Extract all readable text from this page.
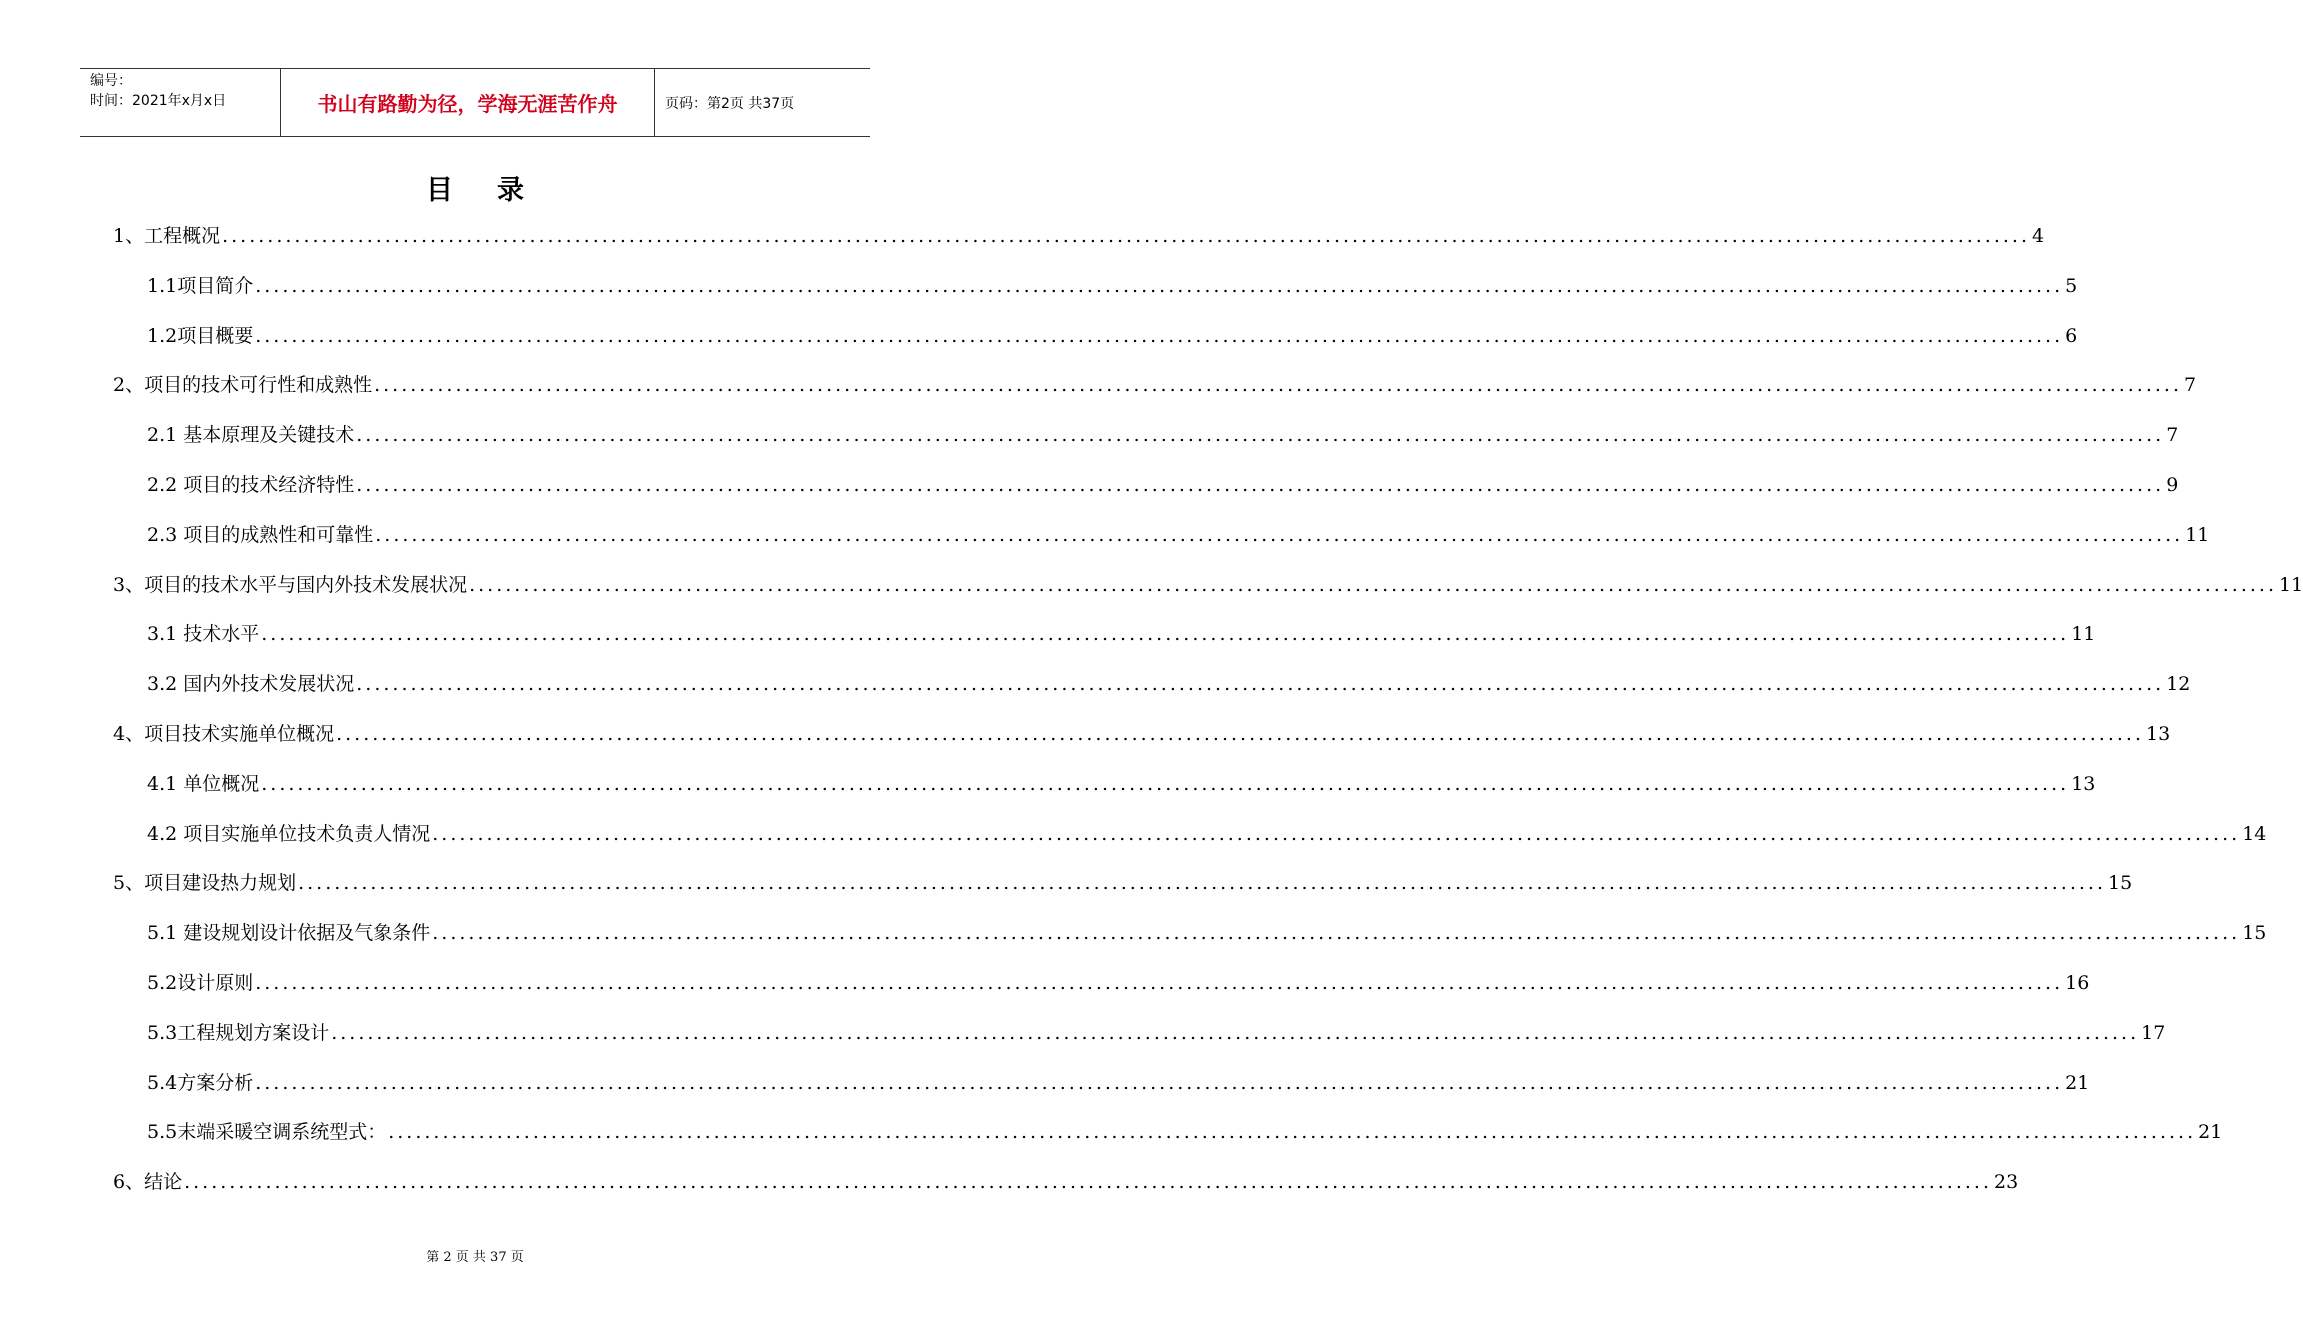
编号：
时间：2021年x月x日	书山有路勤为径，学海无涯苦作舟	页码：第2页 共37页
目录
1、工程概况 ........................................................................................................................................................................................................ 4
1.1项目简介 ........................................................................................................................................................................................................ 5
1.2项目概要 ........................................................................................................................................................................................................ 6
2、项目的技术可行性和成熟性 ........................................................................................................................................................................................................ 7
2.1 基本原理及关键技术 ........................................................................................................................................................................................................ 7
2.2 项目的技术经济特性 ........................................................................................................................................................................................................ 9
2.3 项目的成熟性和可靠性 ........................................................................................................................................................................................................ 11
3、项目的技术水平与国内外技术发展状况 ........................................................................................................................................................................................................ 11
3.1 技术水平 ........................................................................................................................................................................................................ 11
3.2 国内外技术发展状况 ........................................................................................................................................................................................................ 12
4、项目技术实施单位概况 ........................................................................................................................................................................................................ 13
4.1 单位概况 ........................................................................................................................................................................................................ 13
4.2 项目实施单位技术负责人情况 ........................................................................................................................................................................................................ 14
5、项目建设热力规划 ........................................................................................................................................................................................................ 15
5.1 建设规划设计依据及气象条件 ........................................................................................................................................................................................................ 15
5.2设计原则 ........................................................................................................................................................................................................ 16
5.3工程规划方案设计 ........................................................................................................................................................................................................ 17
5.4方案分析 ........................................................................................................................................................................................................ 21
5.5末端采暖空调系统型式： ........................................................................................................................................................................................................ 21
6、结论 ........................................................................................................................................................................................................ 23
第 2 页 共 37 页
